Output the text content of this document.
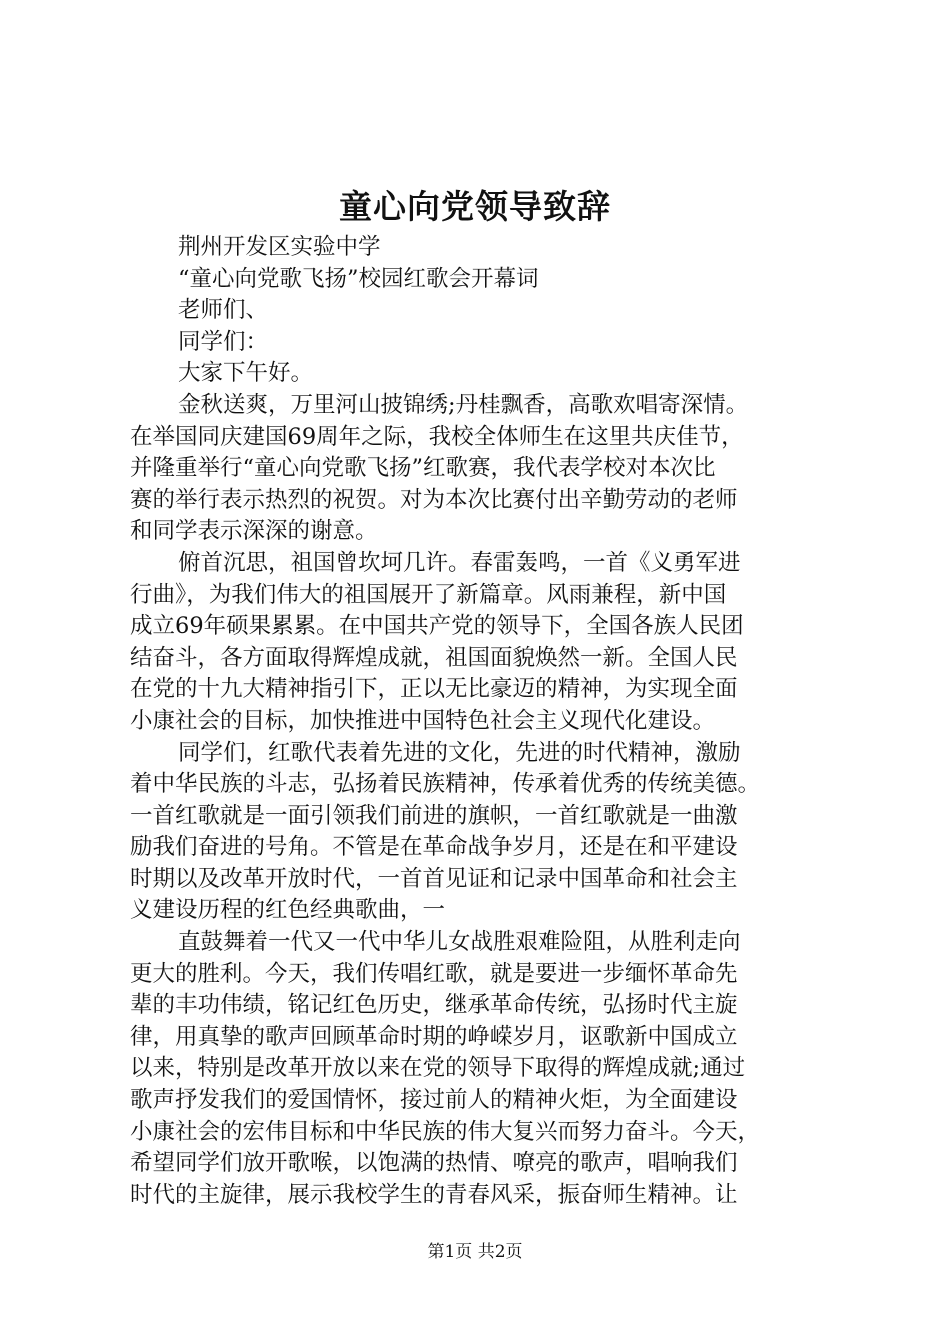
童心向党领导致辞
荆州开发区实验中学
“童心向党歌飞扬”校园红歌会开幕词
老师们、
同学们：
大家下午好。
金秋送爽，万里河山披锦绣;丹桂飘香，高歌欢唱寄深情。
在举国同庆建国69周年之际，我校全体师生在这里共庆佳节，
并隆重举行“童心向党歌飞扬”红歌赛，我代表学校对本次比
赛的举行表示热烈的祝贺。对为本次比赛付出辛勤劳动的老师
和同学表示深深的谢意。
俯首沉思，祖国曾坎坷几许。春雷轰鸣，一首《义勇军进
行曲》，为我们伟大的祖国展开了新篇章。风雨兼程，新中国
成立69年硕果累累。在中国共产党的领导下，全国各族人民团
结奋斗，各方面取得辉煌成就，祖国面貌焕然一新。全国人民
在党的十九大精神指引下，正以无比豪迈的精神，为实现全面
小康社会的目标，加快推进中国特色社会主义现代化建设。
同学们，红歌代表着先进的文化，先进的时代精神，激励
着中华民族的斗志，弘扬着民族精神，传承着优秀的传统美德。
一首红歌就是一面引领我们前进的旗帜，一首红歌就是一曲激
励我们奋进的号角。不管是在革命战争岁月，还是在和平建设
时期以及改革开放时代，一首首见证和记录中国革命和社会主
义建设历程的红色经典歌曲，一
直鼓舞着一代又一代中华儿女战胜艰难险阻，从胜利走向
更大的胜利。今天，我们传唱红歌，就是要进一步缅怀革命先
辈的丰功伟绩，铭记红色历史，继承革命传统，弘扬时代主旋
律，用真挚的歌声回顾革命时期的峥嵘岁月，讴歌新中国成立
以来，特别是改革开放以来在党的领导下取得的辉煌成就;通过
歌声抒发我们的爱国情怀，接过前人的精神火炬，为全面建设
小康社会的宏伟目标和中华民族的伟大复兴而努力奋斗。今天，
希望同学们放开歌喉，以饱满的热情、嘹亮的歌声，唱响我们
时代的主旋律，展示我校学生的青春风采，振奋师生精神。让
第1页 共2页
